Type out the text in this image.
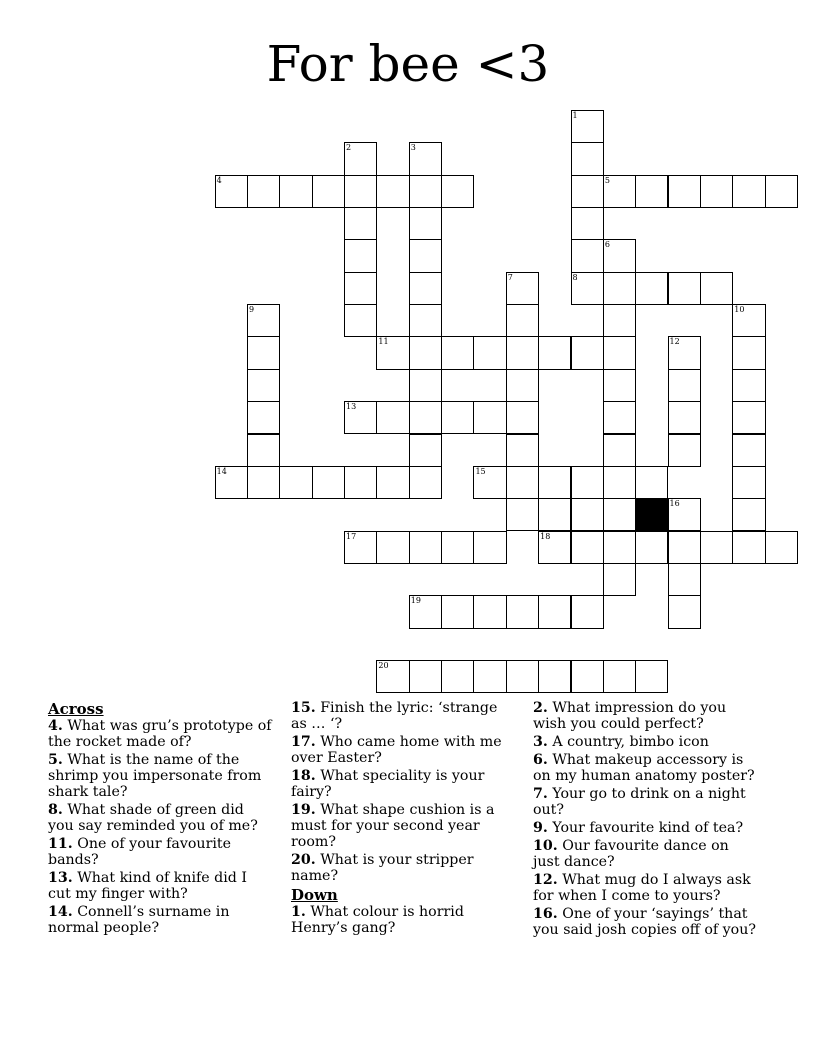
For bee <3
1
2	3
4	5
6
7	8
9	10
11	12
13
14	15
16
17	18
19
20
Across
4. What was gru’s prototype of the rocket made of?
5. What is the name of the shrimp you impersonate from shark tale?
8. What shade of green did you say reminded you of me?
11. One of your favourite bands?
13. What kind of knife did I cut my finger with?
14. Connell’s surname in normal people?
15. Finish the lyric: ‘strange as … ‘?
17. Who came home with me over Easter?
18. What speciality is your fairy?
19. What shape cushion is a must for your second year room?
20. What is your stripper name?
Down
1. What colour is horrid Henry’s gang?
2. What impression do you wish you could perfect?
3. A country, bimbo icon
6. What makeup accessory is on my human anatomy poster?
7. Your go to drink on a night out?
9. Your favourite kind of tea?
10. Our favourite dance on just dance?
12. What mug do I always ask for when I come to yours?
16. One of your ‘sayings’ that you said josh copies off of you?
